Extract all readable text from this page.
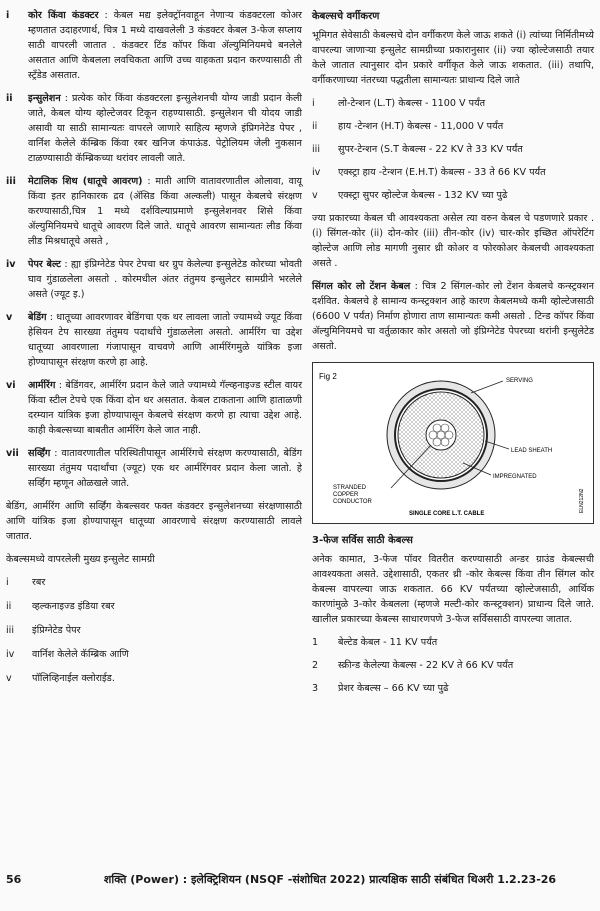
i	कोर किंवा कंडक्टर : केबल मद्य इलेक्ट्रॉनवाहून नेणाऱ्य कंडक्टरला कोअर म्हणतात उदाहरणार्थ, चित्र 1 मध्ये दाखवलेली 3 कंडक्टर केबल 3-फेज सप्लाय साठी वापरली जातात . कंडक्टर टिंड कॉपर किंवा ॲल्युमिनियमचे बनलेले असतात आणि केबलला लवचिकता आणि उच्च वाहकता प्रदान करण्यासाठी ती स्ट्रँडेड असतात.
ii	इन्सुलेशन : प्रत्येक कोर किंवा कंडक्टरला इन्सुलेशनची योग्य जाडी प्रदान केली जाते, केबल योग्य व्होल्टेजवर टिकून राहण्यासाठी. इन्सुलेशन ची योदय जाडी असावी या साठी सामान्यतः वापरले जाणारे साहित्य म्हणजे इंप्रिगनेटेड पेपर , वार्निश केलेले कॅम्ब्रिक किंवा रबर खनिज कंपाऊंड. पेट्रोलियम जेली नुकसान टाळण्यासाठी कॅम्ब्रिकच्या थरांवर लावली जाते.
iii	मेटालिक शिथ (धातूचे आवरण) : माती आणि वातावरणातील ओलावा, वायू किंवा इतर हानिकारक द्रव (ॲसिड किंवा अल्कली) पासून केबलचे संरक्षण करण्यासाठी,चित्र 1 मध्ये दर्शविल्याप्रमाणे इन्सुलेशनवर शिसे किंवा ॲल्युमिनियमचे धातूचे आवरण दिले जाते. धातूचे आवरण सामान्यतः लीड किंवा लीड मिश्रधातूचे असते ,
iv	पेपर बेल्ट : ह्या इंप्रिग्नेटेड पेपर टेपचा थर ग्रुप केलेल्या इन्सुलेटेड कोरच्या भोवती घाव गुंडाळलेला असतो . कोरमधील अंतर तंतुमय इन्सुलेटर सामग्रीने भरलेले असते (ज्यूट इ.)
v	बेडिंग : धातूच्या आवरणावर बेडिंगचा एक थर लावला जातो ज्यामध्ये ज्यूट किंवा हेसियन टेप सारख्या तंतुमय पदार्थांचे गुंडाळलेला असतो. आर्मरिंग चा उद्देश धातूच्या आवरणाला गंजापासून वाचवणे आणि आर्मरिंगमुळे यांत्रिक इजा होण्यापासून संरक्षण करणे हा आहे.
vi	आर्मरिंग : बेडिंगवर, आर्मरिंग प्रदान केले जाते ज्यामध्ये गॅल्व्हनाइज्ड स्टील वायर किंवा स्टील टेपचे एक किंवा दोन थर असतात. केबल टाकताना आणि हाताळणी दरम्यान यांत्रिक इजा होण्यापासून केबलचे संरक्षण करणे हा त्याचा उद्देश आहे. काही केबल्सच्या बाबतीत आर्मरिंग केले जात नाही.
vii सर्व्हिंग : वातावरणातील परिस्थितीपासून आर्मरिंगचे संरक्षण करण्यासाठी, बेडिंग सारख्या तंतुमय पदार्थांचा (ज्यूट) एक थर आर्मरिंगवर प्रदान केला जातो. हे सर्व्हिंग म्हणून ओळखले जाते.

बेडिंग, आर्मरिंग आणि सर्व्हिंग केबल्सवर फक्त कंडक्टर इन्सुलेशनच्या संरक्षणासाठी आणि यांत्रिक इजा होण्यापासून धातूच्या आवरणाचे संरक्षण करण्यासाठी लावले जातात.

केबल्समध्ये वापरलेली मुख्य इन्सुलेट सामग्री

i	रबर
ii	व्हल्कनाइज्ड इंडिया रबर
iii	इंप्रिग्नेटेड पेपर
iv	वार्निश केलेले कॅम्ब्रिक आणि
v	पॉलिव्हिनाईल क्लोराईड.
केबल्सचे वर्गीकरण

भूमिगत सेवेसाठी केबल्सचे दोन वर्गीकरण केले जाऊ शकते (i) त्यांच्या निर्मितीमध्ये वापरल्या जाणाऱ्या इन्सुलेट सामग्रीच्या प्रकारानुसार (ii) ज्या व्होल्टेजसाठी तयार केले जातात त्यानुसार दोन प्रकारे वर्गीकृत केले जाऊ शकतात. (iii) तथापि, वर्गीकरणाच्या नंतरच्या पद्धतीला सामान्यतः प्राधान्य दिले जाते

i	लो-टेन्शन (L.T) केबल्स - 1100 V पर्यंत
ii	हाय -टेन्शन (H.T) केबल्स - 11,000 V पर्यंत
iii	सुपर-टेन्शन (S.T केबल्स - 22 KV ते 33 KV पर्यंत
iv	एक्स्ट्रा हाय -टेन्शन (E.H.T) केबल्स - 33 ते 66 KV पर्यंत
v	एक्स्ट्रा सुपर व्होल्टेज केबल्स - 132 KV च्या पुढे

ज्या प्रकारच्या केबल ची आवश्यकता असेल त्या वरुन केबल चे पडणणारे प्रकार . (i) सिंगल-कोर (ii) दोन-कोर (iii) तीन-कोर (iv) चार-कोर इच्छित ऑपरेटिंग व्होल्टेज आणि लोड मागणी नुसार थ्री कोअर व फोरकोअर केबलची आवश्यकता असते .

सिंगल कोर लो टेंशन केबल : चित्र 2 सिंगल-कोर लो टेंशन केबलचे कन्स्ट्रक्शन दर्शवित. केबलचे हे सामान्य कन्स्ट्रक्शन आहे कारण केबलमध्ये कमी व्होल्टेजसाठी (6600 V पर्यंत) निर्माण होणारा ताण सामान्यतः कमी असतो . टिन्ड कॉपर किंवा ॲल्युमिनियमचे चा वर्तुळाकार कोर असतो जो इंप्रिग्नेटेड पेपरच्या थरांनी इन्सुलेटेड असतो.

Fig 2	SERVING
LEAD SHEATH
IMPREGNATED
STRANDED
COPPER
CONDUCTOR
SINGLE CORE L.T. CABLE
ELN212N2
3-फेज सर्विस साठी केबल्स

अनेक कामात, 3-फेज पॉवर वितरीत करण्यासाठी अन्डर ग्राउंड केबल्सची आवश्यकता असते. उद्देशासाठी, एकतर थ्री -कोर केबल्स किंवा तीन सिंगल कोर केबल्स वापरल्या जाऊ शकतात. 66 KV पर्यंतच्या व्होल्टेजसाठी, आर्थिक कारणांमुळे 3-कोर केबलला (म्हणजे मल्टी-कोर कन्स्ट्रक्शन) प्राधान्य दिले जाते. खालील प्रकारच्या केबल्स साधारणपणे 3-फेज सर्विससाठी वापरल्या जातात.

1	बेल्टेड केबल - 11 KV पर्यंत
2	स्क्रीन्ड केलेल्या केबल्स - 22 KV ते 66 KV पर्यंत
3	प्रेशर केबल्स – 66 KV च्या पुढे
56	शक्ति (Power) : इलेक्ट्रिशियन (NSQF -संशोधित 2022) प्रात्यक्षिक साठी संबंधित थिअरी 1.2.23-26
